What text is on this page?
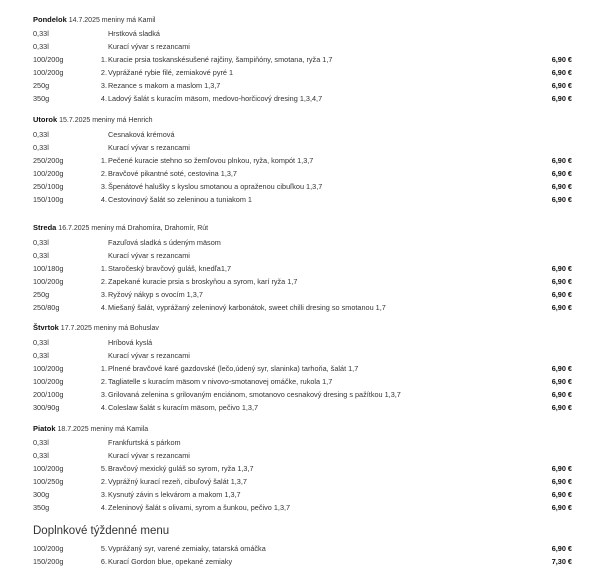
Pondelok 14.7.2025 meniny má Kamil
0,33l	Hrstková sladká
0,33l	Kurací vývar s rezancami
100/200g	1. Kuracie prsia toskanskésušené rajčiny, šampiňóny, smotana, ryža 1,7	6,90 €
100/200g	2. Vyprážané rybie filé, zemiakové pyré 1	6,90 €
250g	3. Rezance s makom a maslom 1,3,7	6,90 €
350g	4. Ladový šalát s kuracím mäsom, medovo-horčicový dresing 1,3,4,7	6,90 €
Utorok 15.7.2025 meniny má Henrich
0,33l	Cesnaková krémová
0,33l	Kurací vývar s rezancami
250/200g	1. Pečené kuracie stehno so žemľovou plnkou, ryža, kompót 1,3,7	6,90 €
100/200g	2. Bravčové pikantné soté, cestovina 1,3,7	6,90 €
250/100g	3. Špenátové halušky s kyslou smotanou a opraženou cibuľkou 1,3,7	6,90 €
150/100g	4. Cestovinový šalát so zeleninou a tuniakom 1	6,90 €
Streda 16.7.2025 meniny má Drahomíra, Drahomír, Rút
0,33l	Fazuľová sladká s údeným mäsom
0,33l	Kurací vývar s rezancami
100/180g	1. Staročeský bravčový guláš, knedľa1,7	6,90 €
100/200g	2. Zapekané kuracie prsia s broskyňou a syrom, karí ryža 1,7	6,90 €
250g	3. Ryžový nákyp s ovocím 1,3,7	6,90 €
250/80g	4. Miešaný šalát, vyprážaný zeleninový karbonátok, sweet chilli dresing so smotanou 1,7	6,90 €
Štvrtok 17.7.2025 meniny má Bohuslav
0,33l	Hríbová kyslá
0,33l	Kurací vývar s rezancami
100/200g	1. Plnené bravčové karé gazdovské (lečo,údený syr, slaninka) tarhoňa, šalát 1,7	6,90 €
100/200g	2. Tagliatelle s kuracím mäsom v nivovo-smotanovej omáčke, rukola 1,7	6,90 €
200/100g	3. Grilovaná zelenina s grilovaným enciánom, smotanovo cesnakový dresing s pažítkou 1,3,7	6,90 €
300/90g	4. Coleslaw šalát s kuracím mäsom, pečivo 1,3,7	6,90 €
Piatok 18.7.2025 meniny má Kamila
0,33l	Frankfurtská s párkom
0,33l	Kurací vývar s rezancami
100/200g	5. Bravčový mexický guláš so syrom, ryža 1,3,7	6,90 €
100/250g	2. Vyprážný kurací rezeň, cibuľový šalát 1,3,7	6,90 €
300g	3. Kysnutý závin s lekvárom a makom 1,3,7	6,90 €
350g	4. Zeleninový šalát s olivami, syrom a šunkou, pečivo 1,3,7	6,90 €
Doplnkové týždenné menu
100/200g	5. Vyprážaný syr, varené zemiaky, tatarská omáčka	6,90 €
150/200g	6. Kurací Gordon blue, opekané zemiaky	7,30 €
